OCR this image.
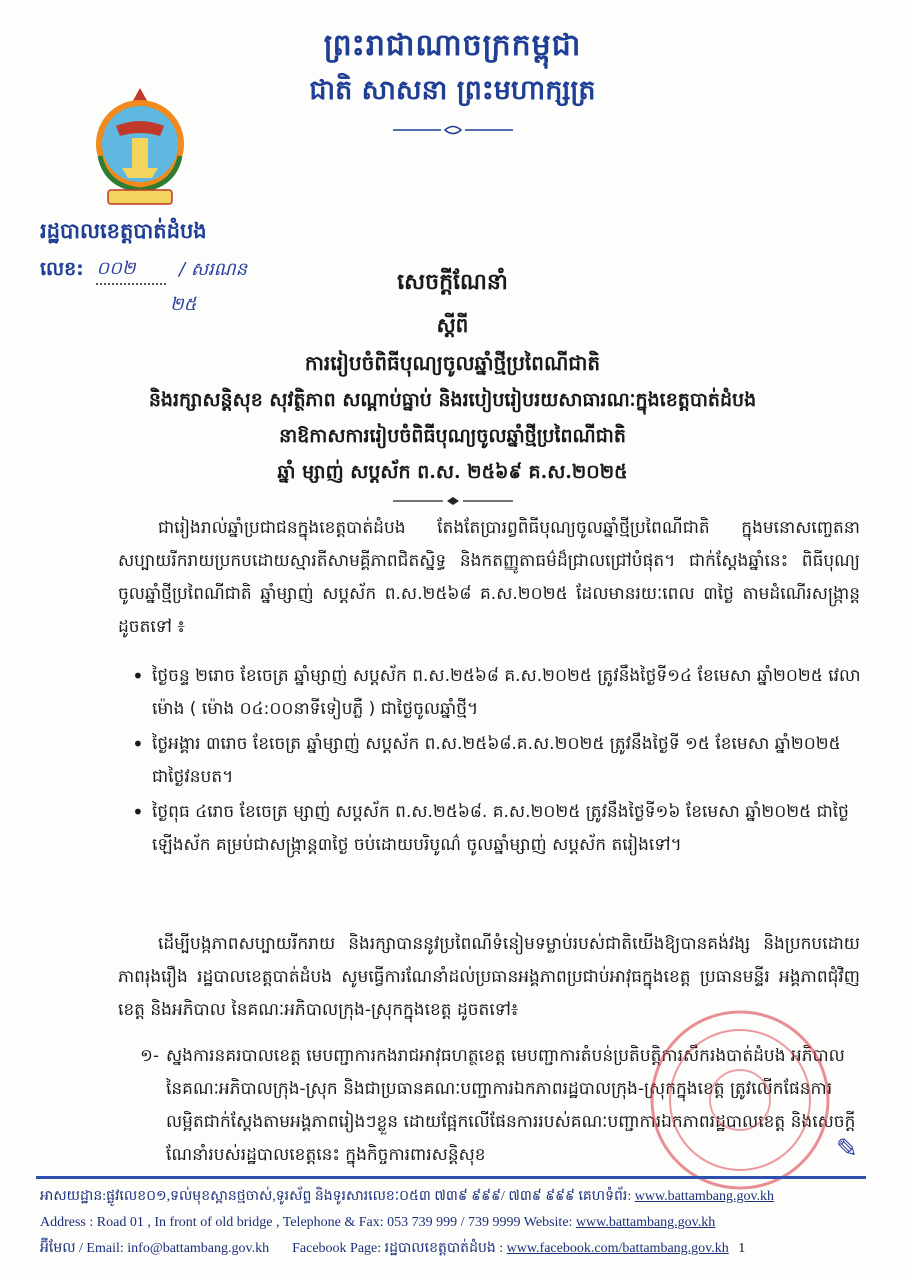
ព្រះរាជាណាចក្រកម្ពុជា
ជាតិ សាសនា ព្រះមហាក្សត្រ
រដ្ឋបាលខេត្តបាត់ដំបង
លេខ: ០០២ / សរណន
២៥
សេចក្តីណែនាំ
ស្តីពី
ការរៀបចំពិធីបុណ្យចូលឆ្នាំថ្មីប្រពៃណីជាតិ
និងរក្សាសន្តិសុខ សុវត្ថិភាព សណ្តាប់ធ្នាប់ និងរបៀបរៀបរយសាធារណៈក្នុងខេត្តបាត់ដំបង
នាឱកាសការរៀបចំពិធីបុណ្យចូលឆ្នាំថ្មីប្រពៃណីជាតិ
ឆ្នាំ ម្សាញ់ សប្តស័ក ព.ស. ២៥៦៩ គ.ស.២០២៥
ជារៀងរាល់ឆ្នាំប្រជាជនក្នុងខេត្តបាត់ដំបង តែងតែប្រារព្វពិធីបុណ្យចូលឆ្នាំថ្មីប្រពៃណីជាតិ ក្នុងមនោសញ្ចេតនាសប្បាយរីករាយប្រកបដោយស្មារតីសាមគ្គីភាពជិតស្និទ្ធ និងកតញ្ញូតាធម៌ដ៏ជ្រាលជ្រៅបំផុត។ ជាក់ស្តែងឆ្នាំនេះ ពិធីបុណ្យចូលឆ្នាំថ្មីប្រពៃណីជាតិ ឆ្នាំម្សាញ់ សប្តស័ក ព.ស.២៥៦៨ គ.ស.២០២៥ ដែលមានរយៈពេល ៣ថ្ងៃ តាមដំណើរសង្ក្រាន្តដូចតទៅ ៖
• ថ្ងៃចន្ទ ២រោច ខែចេត្រ ឆ្នាំម្សាញ់ សប្តស័ក ព.ស.២៥៦៨ គ.ស.២០២៥ ត្រូវនឹងថ្ងៃទី១៤ ខែមេសា ឆ្នាំ២០២៥ វេលាម៉ោង ( ម៉ោង ០៤:០០នាទីទៀបភ្លឺ ) ជាថ្ងៃចូលឆ្នាំថ្មី។
• ថ្ងៃអង្គារ ៣រោច ខែចេត្រ ឆ្នាំម្សាញ់ សប្តស័ក ព.ស.២៥៦៨.គ.ស.២០២៥ ត្រូវនឹងថ្ងៃទី ១៥ ខែមេសា ឆ្នាំ២០២៥ ជាថ្ងៃវនបត។
• ថ្ងៃពុធ ៤រោច ខែចេត្រ ម្សាញ់ សប្តស័ក ព.ស.២៥៦៨. គ.ស.២០២៥ ត្រូវនឹងថ្ងៃទី១៦ ខែមេសា ឆ្នាំ២០២៥ ជាថ្ងៃឡើងស័ក គម្រប់ជាសង្ក្រាន្ត៣ថ្ងៃ ចប់ដោយបរិបូណ៌ ចូលឆ្នាំម្សាញ់ សប្តស័ក តរៀងទៅ។
ដើម្បីបង្កភាពសប្បាយរីករាយ និងរក្សាបាននូវប្រពៃណីទំនៀមទម្លាប់របស់ជាតិយើងឱ្យបានគង់វង្ស និងប្រកបដោយភាពរុងរឿង រដ្ឋបាលខេត្តបាត់ដំបង សូមធ្វើការណែនាំដល់ប្រធានអង្គភាពប្រជាប់អាវុធក្នុងខេត្ត ប្រធានមន្ទីរ អង្គភាពជុំវិញខេត្ត និងអភិបាល នៃគណៈអភិបាលក្រុង-ស្រុកក្នុងខេត្ត ដូចតទៅ៖
១- ស្នងការនគរបាលខេត្ត មេបញ្ជាការកងរាជអាវុធហត្ថខេត្ត មេបញ្ជាការតំបន់ប្រតិបត្តិការសឹករងបាត់ដំបង អភិបាល នៃគណៈអភិបាលក្រុង-ស្រុក និងជាប្រធានគណៈបញ្ជាការឯកភាពរដ្ឋបាលក្រុង-ស្រុកក្នុងខេត្ត ត្រូវលើកផែនការលម្អិតជាក់ស្តែងតាមអង្គភាពរៀងៗខ្លួន ដោយផ្អែកលើផែនការរបស់គណៈបញ្ជាការឯកភាពរដ្ឋបាលខេត្ត និងសេចក្តីណែនាំរបស់រដ្ឋបាលខេត្តនេះ ក្នុងកិច្ចការពារសន្តិសុខ	✎
អាសយដ្ឋាន:ផ្លូវលេខ០១,ទល់មុខស្ពានថ្មចាស់,ទូរស័ព្ទ និងទូរសារលេខៈ០៥៣ ៧៣៩ ៩៩៩/ ៧៣៩ ៩៩៩ គេហទំព័រ: www.battambang.gov.kh
Address : Road 01 , In front of old bridge , Telephone & Fax: 053 739 999 / 739 9999 Website: www.battambang.gov.kh
អ៊ីមែល / Email: info@battambang.gov.kh Facebook Page: រដ្ឋបាលខេត្តបាត់ដំបង : www.facebook.com/battambang.gov.kh 1
